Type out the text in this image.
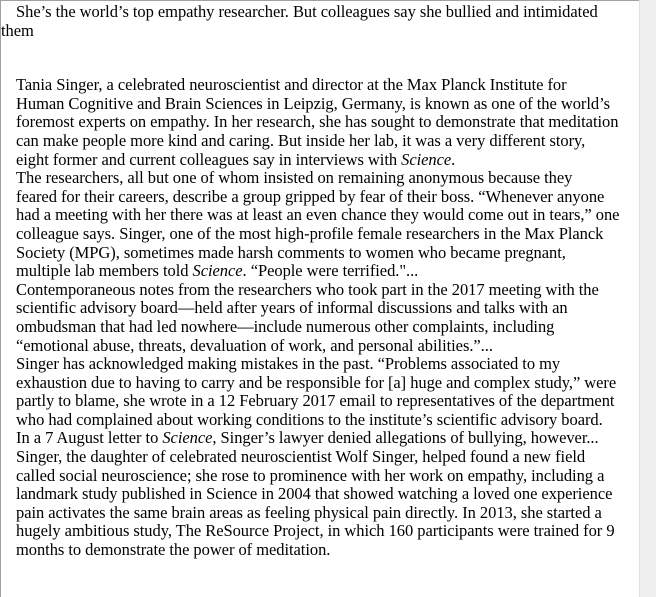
She’s the world’s top empathy researcher. But colleagues say she bullied and intimidated
them
Tania Singer, a celebrated neuroscientist and director at the Max Planck Institute for
Human Cognitive and Brain Sciences in Leipzig, Germany, is known as one of the world’s
foremost experts on empathy. In her research, she has sought to demonstrate that meditation
can make people more kind and caring. But inside her lab, it was a very different story,
eight former and current colleagues say in interviews with Science.
The researchers, all but one of whom insisted on remaining anonymous because they
feared for their careers, describe a group gripped by fear of their boss. “Whenever anyone
had a meeting with her there was at least an even chance they would come out in tears,” one
colleague says. Singer, one of the most high-profile female researchers in the Max Planck
Society (MPG), sometimes made harsh comments to women who became pregnant,
multiple lab members told Science. “People were terrified."...
Contemporaneous notes from the researchers who took part in the 2017 meeting with the
scientific advisory board—held after years of informal discussions and talks with an
ombudsman that had led nowhere—include numerous other complaints, including
“emotional abuse, threats, devaluation of work, and personal abilities.”...
Singer has acknowledged making mistakes in the past. “Problems associated to my
exhaustion due to having to carry and be responsible for [a] huge and complex study,” were
partly to blame, she wrote in a 12 February 2017 email to representatives of the department
who had complained about working conditions to the institute’s scientific advisory board.
In a 7 August letter to Science, Singer’s lawyer denied allegations of bullying, however...
Singer, the daughter of celebrated neuroscientist Wolf Singer, helped found a new field
called social neuroscience; she rose to prominence with her work on empathy, including a
landmark study published in Science in 2004 that showed watching a loved one experience
pain activates the same brain areas as feeling physical pain directly. In 2013, she started a
hugely ambitious study, The ReSource Project, in which 160 participants were trained for 9
months to demonstrate the power of meditation.
